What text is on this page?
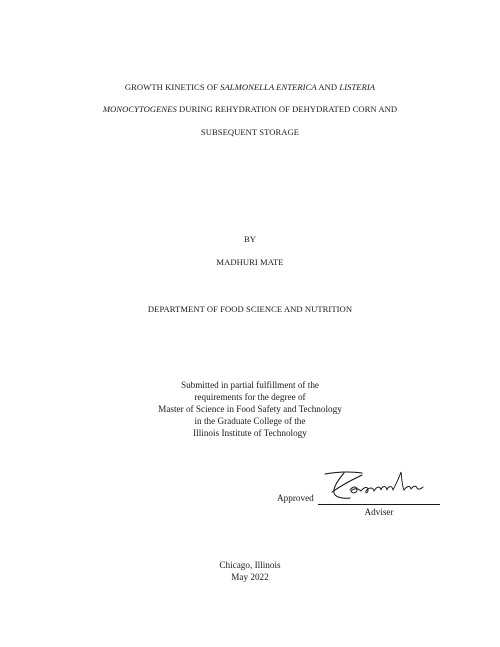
GROWTH KINETICS OF SALMONELLA ENTERICA AND LISTERIA
MONOCYTOGENES DURING REHYDRATION OF DEHYDRATED CORN AND
SUBSEQUENT STORAGE
BY
MADHURI MATE
DEPARTMENT OF FOOD SCIENCE AND NUTRITION
Submitted in partial fulfillment of the
requirements for the degree of
Master of Science in Food Safety and Technology
in the Graduate College of the
Illinois Institute of Technology
Approved
Adviser
Chicago, Illinois
May 2022
